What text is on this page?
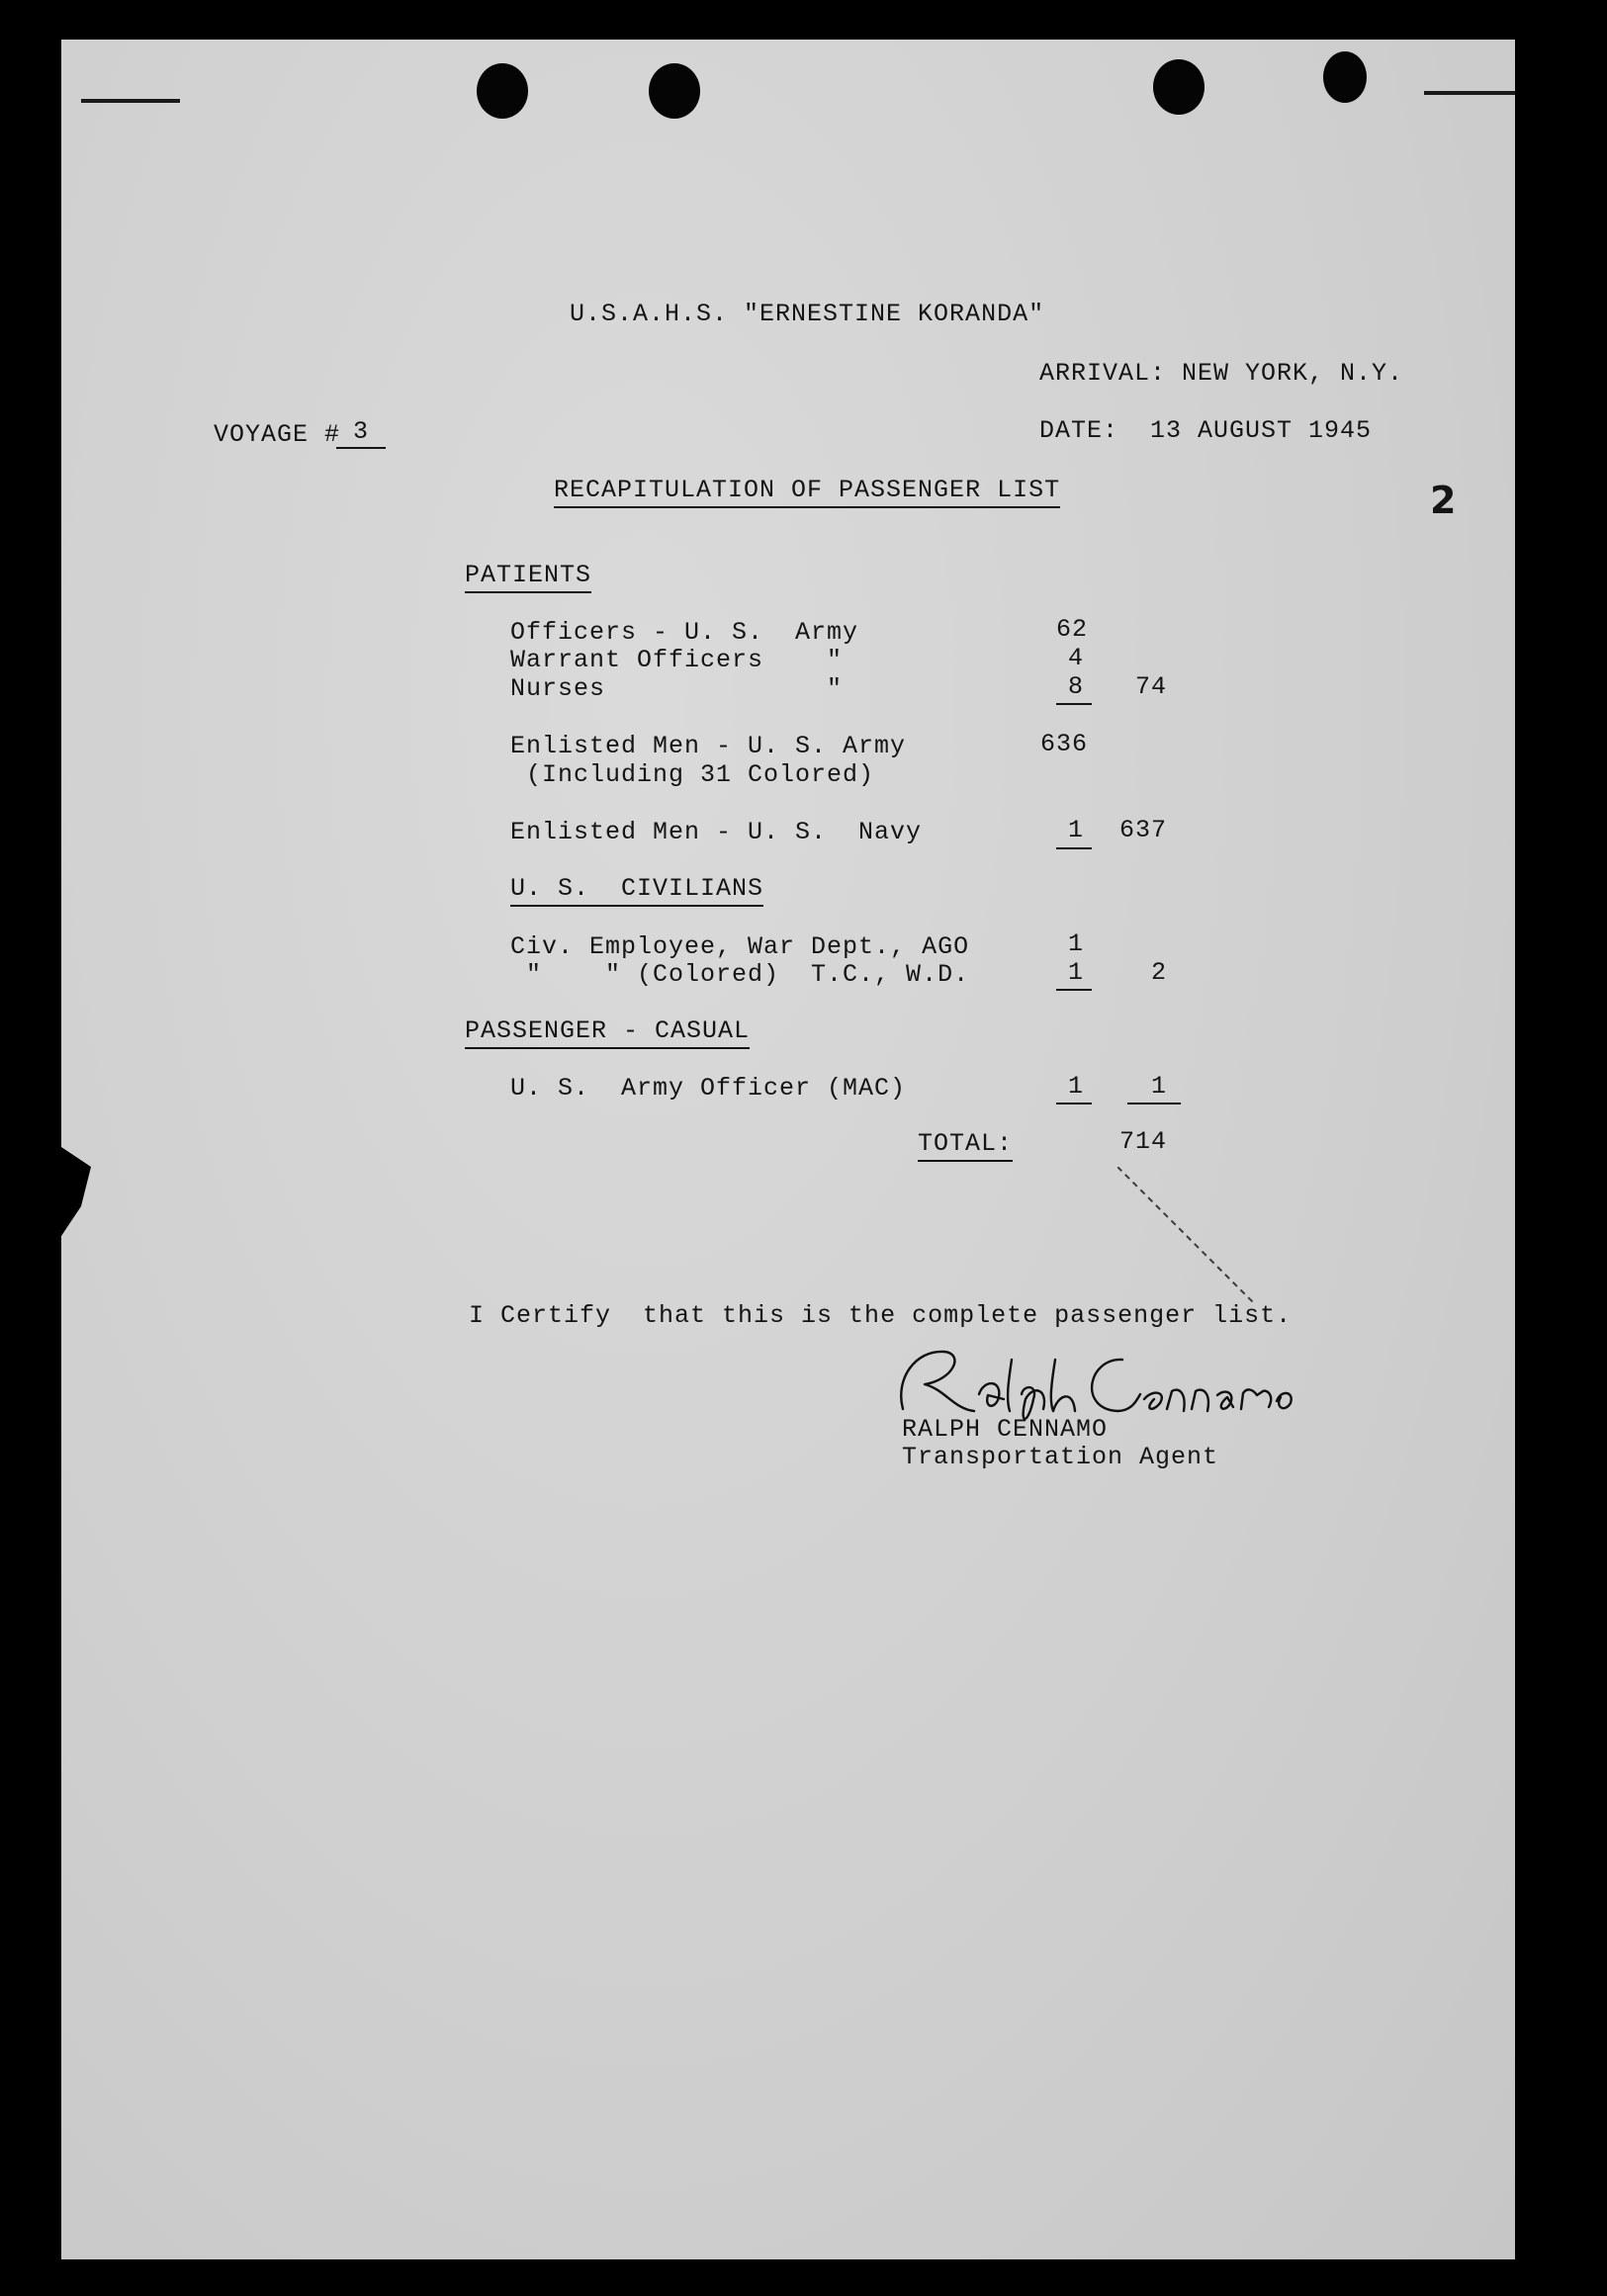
U.S.A.H.S. "ERNESTINE KORANDA"
ARRIVAL: NEW YORK, N.Y.
VOYAGE # 3	DATE:  13 AUGUST 1945
RECAPITULATION OF PASSENGER LIST	2
PATIENTS
Officers - U. S.  Army	62
Warrant Officers    "	4
Nurses              "	8	74
Enlisted Men - U. S. Army	636
(Including 31 Colored)
Enlisted Men - U. S.  Navy	1	637
U. S.  CIVILIANS
Civ. Employee, War Dept., AGO	1
"    " (Colored)  T.C., W.D.	1	2
PASSENGER - CASUAL
U. S.  Army Officer (MAC)	1	1
TOTAL:	714
I Certify  that this is the complete passenger list.
RALPH CENNAMO
Transportation Agent
